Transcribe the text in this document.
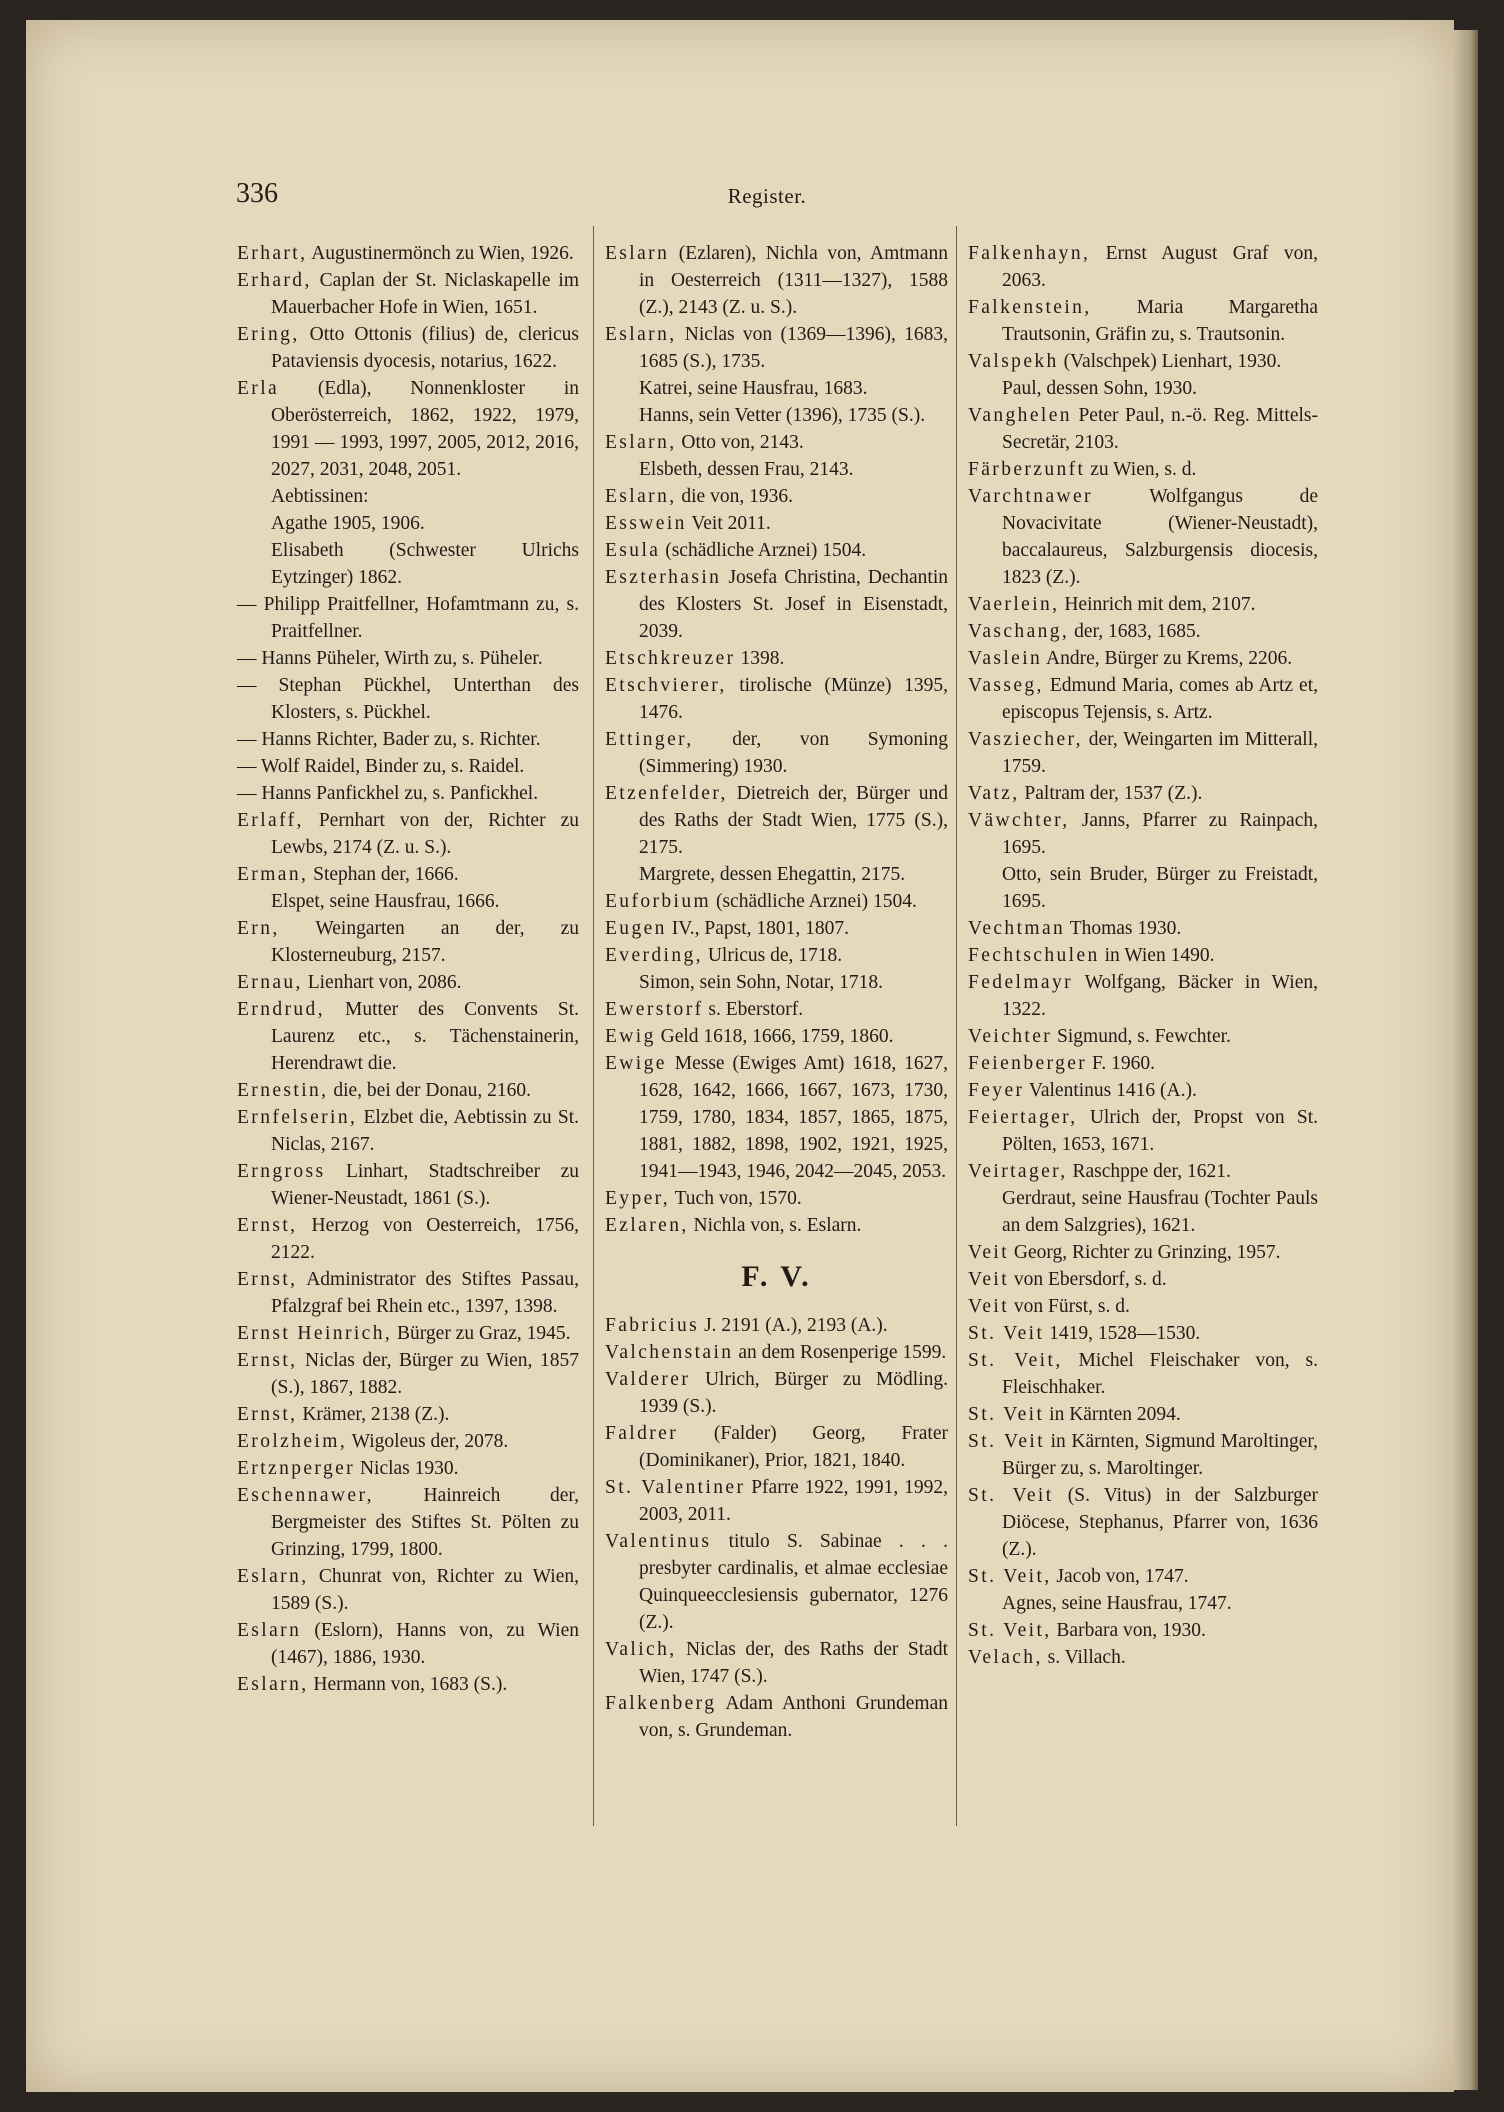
336	Register.
Erhart, Augustinermönch zu Wien, 1926.
Erhard, Caplan der St. Niclaskapelle im Mauerbacher Hofe in Wien, 1651.
Ering, Otto Ottonis (filius) de, clericus Pataviensis dyocesis, notarius, 1622.
Erla (Edla), Nonnenkloster in Oberösterreich, 1862, 1922, 1979, 1991 — 1993, 1997, 2005, 2012, 2016, 2027, 2031, 2048, 2051.
Aebtissinen:
Agathe 1905, 1906.
Elisabeth (Schwester Ulrichs Eytzinger) 1862.
— Philipp Praitfellner, Hofamtmann zu, s. Praitfellner.
— Hanns Püheler, Wirth zu, s. Püheler.
— Stephan Pückhel, Unterthan des Klosters, s. Pückhel.
— Hanns Richter, Bader zu, s. Richter.
— Wolf Raidel, Binder zu, s. Raidel.
— Hanns Panfickhel zu, s. Panfickhel.
Erlaff, Pernhart von der, Richter zu Lewbs, 2174 (Z. u. S.).
Erman, Stephan der, 1666.
Elspet, seine Hausfrau, 1666.
Ern, Weingarten an der, zu Klosterneuburg, 2157.
Ernau, Lienhart von, 2086.
Erndrud, Mutter des Convents St. Laurenz etc., s. Tächenstainerin, Herendrawt die.
Ernestin, die, bei der Donau, 2160.
Ernfelserin, Elzbet die, Aebtissin zu St. Niclas, 2167.
Erngross Linhart, Stadtschreiber zu Wiener-Neustadt, 1861 (S.).
Ernst, Herzog von Oesterreich, 1756, 2122.
Ernst, Administrator des Stiftes Passau, Pfalzgraf bei Rhein etc., 1397, 1398.
Ernst Heinrich, Bürger zu Graz, 1945.
Ernst, Niclas der, Bürger zu Wien, 1857 (S.), 1867, 1882.
Ernst, Krämer, 2138 (Z.).
Erolzheim, Wigoleus der, 2078.
Ertznperger Niclas 1930.
Eschennawer, Hainreich der, Bergmeister des Stiftes St. Pölten zu Grinzing, 1799, 1800.
Eslarn, Chunrat von, Richter zu Wien, 1589 (S.).
Eslarn (Eslorn), Hanns von, zu Wien (1467), 1886, 1930.
Eslarn, Hermann von, 1683 (S.).
Eslarn (Ezlaren), Nichla von, Amtmann in Oesterreich (1311—1327), 1588 (Z.), 2143 (Z. u. S.).
Eslarn, Niclas von (1369—1396), 1683, 1685 (S.), 1735.
Katrei, seine Hausfrau, 1683.
Hanns, sein Vetter (1396), 1735 (S.).
Eslarn, Otto von, 2143.
Elsbeth, dessen Frau, 2143.
Eslarn, die von, 1936.
Esswein Veit 2011.
Esula (schädliche Arznei) 1504.
Eszterhasin Josefa Christina, Dechantin des Klosters St. Josef in Eisenstadt, 2039.
Etschkreuzer 1398.
Etschvierer, tirolische (Münze) 1395, 1476.
Ettinger, der, von Symoning (Simmering) 1930.
Etzenfelder, Dietreich der, Bürger und des Raths der Stadt Wien, 1775 (S.), 2175.
Margrete, dessen Ehegattin, 2175.
Euforbium (schädliche Arznei) 1504.
Eugen IV., Papst, 1801, 1807.
Everding, Ulricus de, 1718.
Simon, sein Sohn, Notar, 1718.
Ewerstorf s. Eberstorf.
Ewig Geld 1618, 1666, 1759, 1860.
Ewige Messe (Ewiges Amt) 1618, 1627, 1628, 1642, 1666, 1667, 1673, 1730, 1759, 1780, 1834, 1857, 1865, 1875, 1881, 1882, 1898, 1902, 1921, 1925, 1941—1943, 1946, 2042—2045, 2053.
Eyper, Tuch von, 1570.
Ezlaren, Nichla von, s. Eslarn.
F. V.
Fabricius J. 2191 (A.), 2193 (A.).
Valchenstain an dem Rosenperige 1599.
Valderer Ulrich, Bürger zu Mödling. 1939 (S.).
Faldrer (Falder) Georg, Frater (Dominikaner), Prior, 1821, 1840.
St. Valentiner Pfarre 1922, 1991, 1992, 2003, 2011.
Valentinus titulo S. Sabinae . . . presbyter cardinalis, et almae ecclesiae Quinqueecclesiensis gubernator, 1276 (Z.).
Valich, Niclas der, des Raths der Stadt Wien, 1747 (S.).
Falkenberg Adam Anthoni Grundeman von, s. Grundeman.
Falkenhayn, Ernst August Graf von, 2063.
Falkenstein, Maria Margaretha Trautsonin, Gräfin zu, s. Trautsonin.
Valspekh (Valschpek) Lienhart, 1930.
Paul, dessen Sohn, 1930.
Vanghelen Peter Paul, n.-ö. Reg. Mittels-Secretär, 2103.
Färberzunft zu Wien, s. d.
Varchtnawer Wolfgangus de Novacivitate (Wiener-Neustadt), baccalaureus, Salzburgensis diocesis, 1823 (Z.).
Vaerlein, Heinrich mit dem, 2107.
Vaschang, der, 1683, 1685.
Vaslein Andre, Bürger zu Krems, 2206.
Vasseg, Edmund Maria, comes ab Artz et, episcopus Tejensis, s. Artz.
Vasziecher, der, Weingarten im Mitterall, 1759.
Vatz, Paltram der, 1537 (Z.).
Väwchter, Janns, Pfarrer zu Rainpach, 1695.
Otto, sein Bruder, Bürger zu Freistadt, 1695.
Vechtman Thomas 1930.
Fechtschulen in Wien 1490.
Fedelmayr Wolfgang, Bäcker in Wien, 1322.
Veichter Sigmund, s. Fewchter.
Feienberger F. 1960.
Feyer Valentinus 1416 (A.).
Feiertager, Ulrich der, Propst von St. Pölten, 1653, 1671.
Veirtager, Raschppe der, 1621.
Gerdraut, seine Hausfrau (Tochter Pauls an dem Salzgries), 1621.
Veit Georg, Richter zu Grinzing, 1957.
Veit von Ebersdorf, s. d.
Veit von Fürst, s. d.
St. Veit 1419, 1528—1530.
St. Veit, Michel Fleischaker von, s. Fleischhaker.
St. Veit in Kärnten 2094.
St. Veit in Kärnten, Sigmund Maroltinger, Bürger zu, s. Maroltinger.
St. Veit (S. Vitus) in der Salzburger Diöcese, Stephanus, Pfarrer von, 1636 (Z.).
St. Veit, Jacob von, 1747.
Agnes, seine Hausfrau, 1747.
St. Veit, Barbara von, 1930.
Velach, s. Villach.
